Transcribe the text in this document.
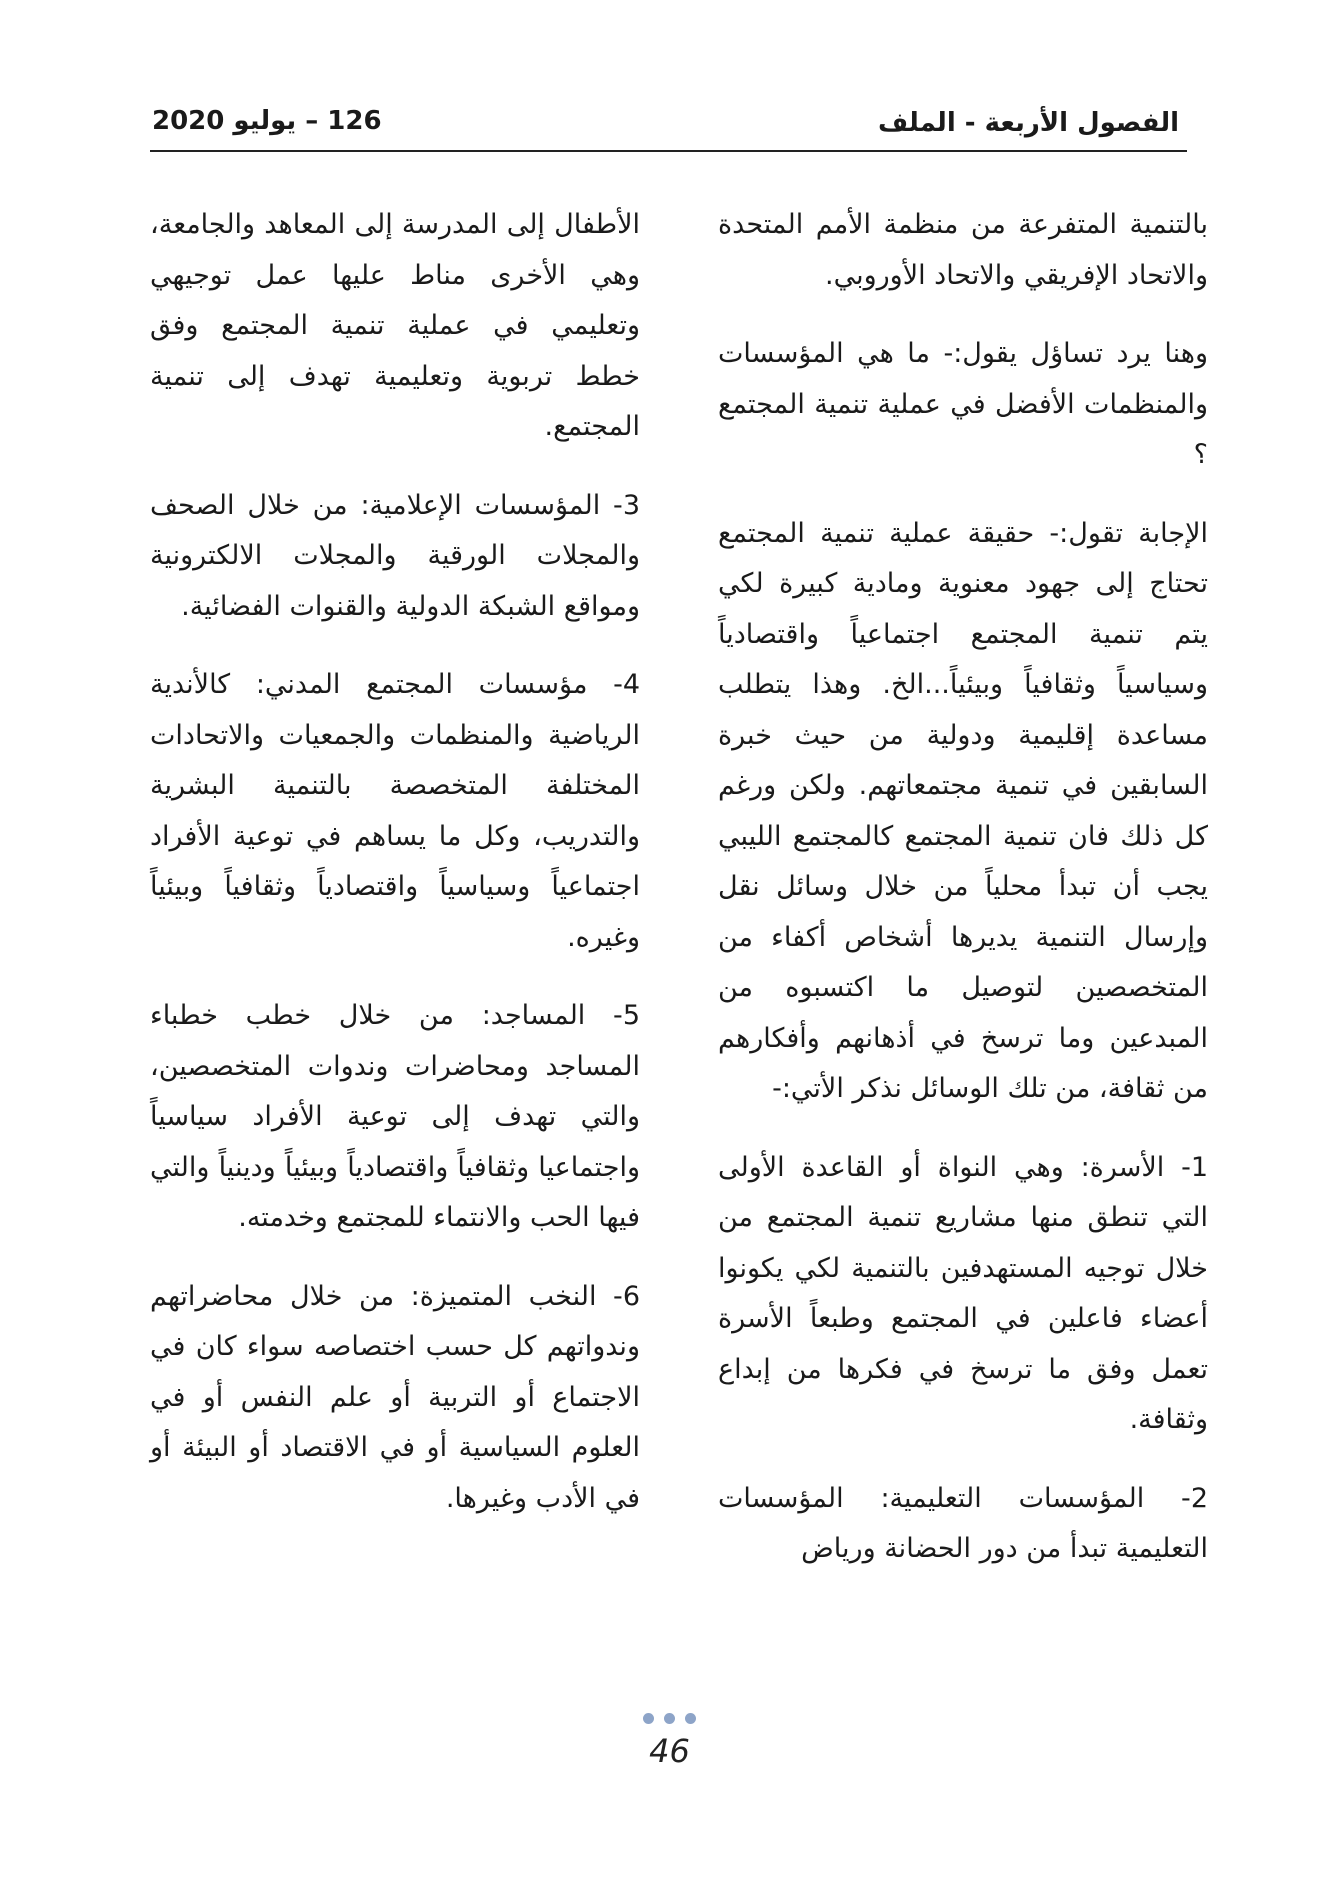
الفصول الأربعة - الملف
126 – يوليو 2020

بالتنمية المتفرعة من منظمة الأمم المتحدة والاتحاد الإفريقي والاتحاد الأوروبي.

وهنا يرد تساؤل يقول:- ما هي المؤسسات والمنظمات الأفضل في عملية تنمية المجتمع ؟

الإجابة تقول:- حقيقة عملية تنمية المجتمع تحتاج إلى جهود معنوية ومادية كبيرة لكي يتم تنمية المجتمع اجتماعياً واقتصادياً وسياسياً وثقافياً وبيئياً...الخ. وهذا يتطلب مساعدة إقليمية ودولية من حيث خبرة السابقين في تنمية مجتمعاتهم. ولكن ورغم كل ذلك فان تنمية المجتمع كالمجتمع الليبي يجب أن تبدأ محلياً من خلال وسائل نقل وإرسال التنمية يديرها أشخاص أكفاء من المتخصصين لتوصيل ما اكتسبوه من المبدعين وما ترسخ في أذهانهم وأفكارهم من ثقافة، من تلك الوسائل نذكر الأتي:-

1- الأسرة: وهي النواة أو القاعدة الأولى التي تنطق منها مشاريع تنمية المجتمع من خلال توجيه المستهدفين بالتنمية لكي يكونوا أعضاء فاعلين في المجتمع وطبعاً الأسرة تعمل وفق ما ترسخ في فكرها من إبداع وثقافة.

2- المؤسسات التعليمية: المؤسسات التعليمية تبدأ من دور الحضانة ورياض

الأطفال إلى المدرسة إلى المعاهد والجامعة، وهي الأخرى مناط عليها عمل توجيهي وتعليمي في عملية تنمية المجتمع وفق خطط تربوية وتعليمية تهدف إلى تنمية المجتمع.

3- المؤسسات الإعلامية: من خلال الصحف والمجلات الورقية والمجلات الالكترونية ومواقع الشبكة الدولية والقنوات الفضائية.

4- مؤسسات المجتمع المدني: كالأندية الرياضية والمنظمات والجمعيات والاتحادات المختلفة المتخصصة بالتنمية البشرية والتدريب، وكل ما يساهم في توعية الأفراد اجتماعياً وسياسياً واقتصادياً وثقافياً وبيئياً وغيره.

5- المساجد: من خلال خطب خطباء المساجد ومحاضرات وندوات المتخصصين، والتي تهدف إلى توعية الأفراد سياسياً واجتماعيا وثقافياً واقتصادياً وبيئياً ودينياً والتي فيها الحب والانتماء للمجتمع وخدمته.

6- النخب المتميزة: من خلال محاضراتهم وندواتهم كل حسب اختصاصه سواء كان في الاجتماع أو التربية أو علم النفس أو في العلوم السياسية أو في الاقتصاد أو البيئة أو في الأدب وغيرها.

46
